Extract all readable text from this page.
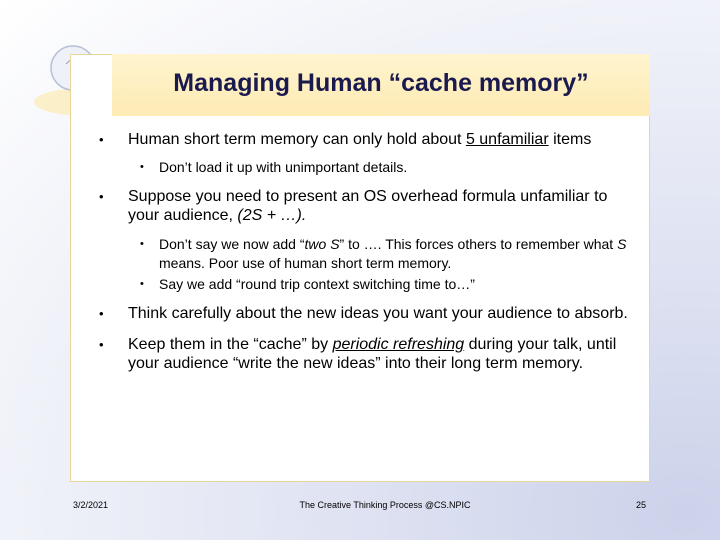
Managing Human “cache memory”

• Human short term memory can only hold about 5 unfamiliar items

• Don’t load it up with unimportant details.

• Suppose you need to present an OS overhead formula unfamiliar to your audience, (2S + …).

• Don’t say we now add “two S” to …. This forces others to remember what S means. Poor use of human short term memory.

• Say we add “round trip context switching time to…”

• Think carefully about the new ideas you want your audience to absorb.

• Keep them in the “cache” by periodic refreshing during your talk, until your audience “write the new ideas” into their long term memory.

3/2/2021	The Creative Thinking Process @CS.NPIC	25
